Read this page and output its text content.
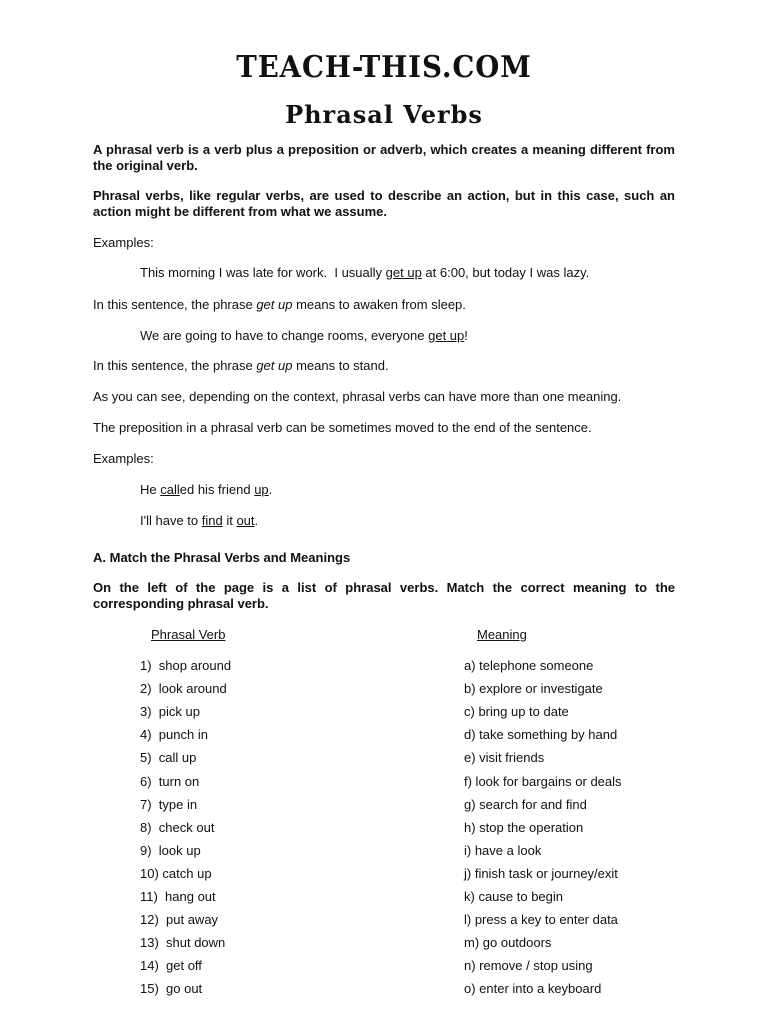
TEACH-THIS.COM
Phrasal Verbs
A phrasal verb is a verb plus a preposition or adverb, which creates a meaning different from the original verb.
Phrasal verbs, like regular verbs, are used to describe an action, but in this case, such an action might be different from what we assume.
Examples:
This morning I was late for work.  I usually get up at 6:00, but today I was lazy.
In this sentence, the phrase get up means to awaken from sleep.
We are going to have to change rooms, everyone get up!
In this sentence, the phrase get up means to stand.
As you can see, depending on the context, phrasal verbs can have more than one meaning.
The preposition in a phrasal verb can be sometimes moved to the end of the sentence.
Examples:
He called his friend up.
I'll have to find it out.
A. Match the Phrasal Verbs and Meanings
On the left of the page is a list of phrasal verbs. Match the correct meaning to the corresponding phrasal verb.
Phrasal Verb	Meaning
1)  shop around	a) telephone someone
2)  look around	b) explore or investigate
3)  pick up	c) bring up to date
4)  punch in	d) take something by hand
5)  call up	e) visit friends
6)  turn on	f) look for bargains or deals
7)  type in	g) search for and find
8)  check out	h) stop the operation
9)  look up	i) have a look
10) catch up	j) finish task or journey/exit
11)  hang out	k) cause to begin
12)  put away	l) press a key to enter data
13)  shut down	m) go outdoors
14)  get off	n) remove / stop using
15)  go out	o) enter into a keyboard
